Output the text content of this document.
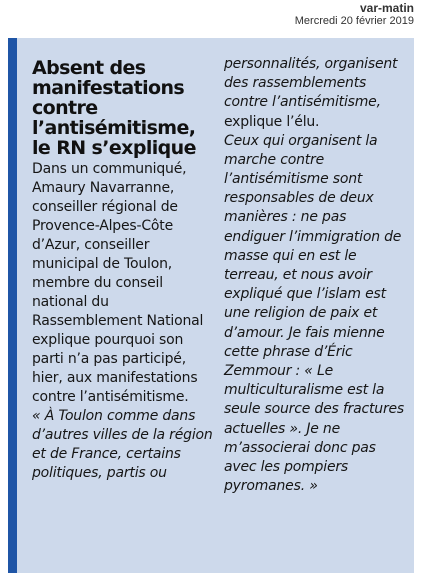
var-matin
Mercredi 20 février 2019
Absent des manifestations contre l’antisémitisme, le RN s’explique

Dans un communiqué, Amaury Navarranne, conseiller régional de Provence-Alpes-Côte d’Azur, conseiller municipal de Toulon, membre du conseil national du Rassemblement National explique pourquoi son parti n’a pas participé, hier, aux manifestations contre l’antisémitisme.

« À Toulon comme dans d’autres villes de la région et de France, certains politiques, partis ou

personnalités, organisent des rassemblements contre l’antisémitisme,

explique l’élu.

Ceux qui organisent la marche contre l’antisémitisme sont responsables de deux manières : ne pas endiguer l’immigration de masse qui en est le terreau, et nous avoir expliqué que l’islam est une religion de paix et d’amour. Je fais mienne cette phrase d’Éric Zemmour : « Le multiculturalisme est la seule source des fractures actuelles ». Je ne m’associerai donc pas avec les pompiers pyromanes. »
